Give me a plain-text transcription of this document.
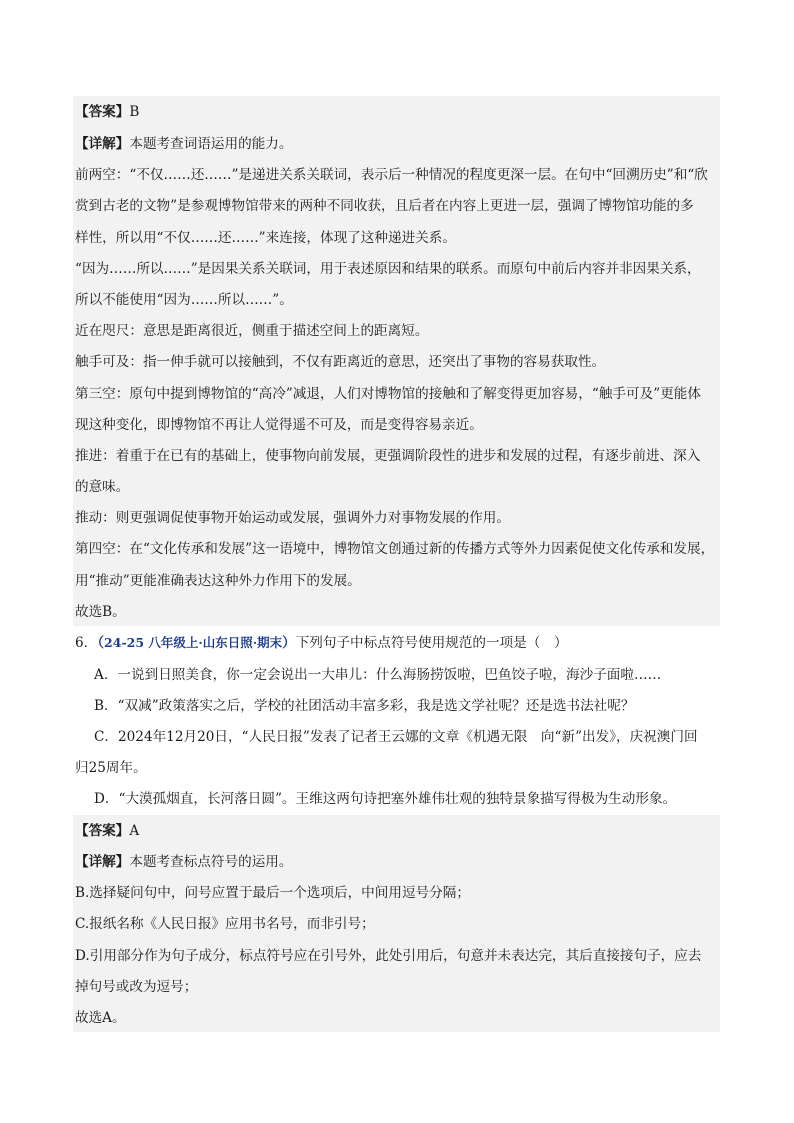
【答案】B
【详解】本题考查词语运用的能力。
前两空：“不仅……还……”是递进关系关联词，表示后一种情况的程度更深一层。在句中“回溯历史”和“欣
赏到古老的文物”是参观博物馆带来的两种不同收获，且后者在内容上更进一层，强调了博物馆功能的多
样性，所以用“不仅……还……”来连接，体现了这种递进关系。
“因为……所以……”是因果关系关联词，用于表述原因和结果的联系。而原句中前后内容并非因果关系，
所以不能使用“因为……所以……”。
近在咫尺：意思是距离很近，侧重于描述空间上的距离短。
触手可及：指一伸手就可以接触到，不仅有距离近的意思，还突出了事物的容易获取性。
第三空：原句中提到博物馆的“高冷”减退，人们对博物馆的接触和了解变得更加容易，“触手可及”更能体
现这种变化，即博物馆不再让人觉得遥不可及，而是变得容易亲近。
推进：着重于在已有的基础上，使事物向前发展，更强调阶段性的进步和发展的过程，有逐步前进、深入
的意味。
推动：则更强调促使事物开始运动或发展，强调外力对事物发展的作用。
第四空：在“文化传承和发展”这一语境中，博物馆文创通过新的传播方式等外力因素促使文化传承和发展，
用“推动”更能准确表达这种外力作用下的发展。
故选B。
6．（24-25 八年级上·山东日照·期末）下列句子中标点符号使用规范的一项是（　）
A．一说到日照美食，你一定会说出一大串儿：什么海肠捞饭啦，巴鱼饺子啦，海沙子面啦……
B．“双减”政策落实之后，学校的社团活动丰富多彩，我是选文学社呢？还是选书法社呢？
C．2024年12月20日，“人民日报”发表了记者王云娜的文章《机遇无限　向“新”出发》，庆祝澳门回
归25周年。
D．“大漠孤烟直，长河落日圆”。王维这两句诗把塞外雄伟壮观的独特景象描写得极为生动形象。
【答案】A
【详解】本题考查标点符号的运用。
B.选择疑问句中，问号应置于最后一个选项后，中间用逗号分隔；
C.报纸名称《人民日报》应用书名号，而非引号；
D.引用部分作为句子成分，标点符号应在引号外，此处引用后，句意并未表达完，其后直接接句子，应去
掉句号或改为逗号；
故选A。
